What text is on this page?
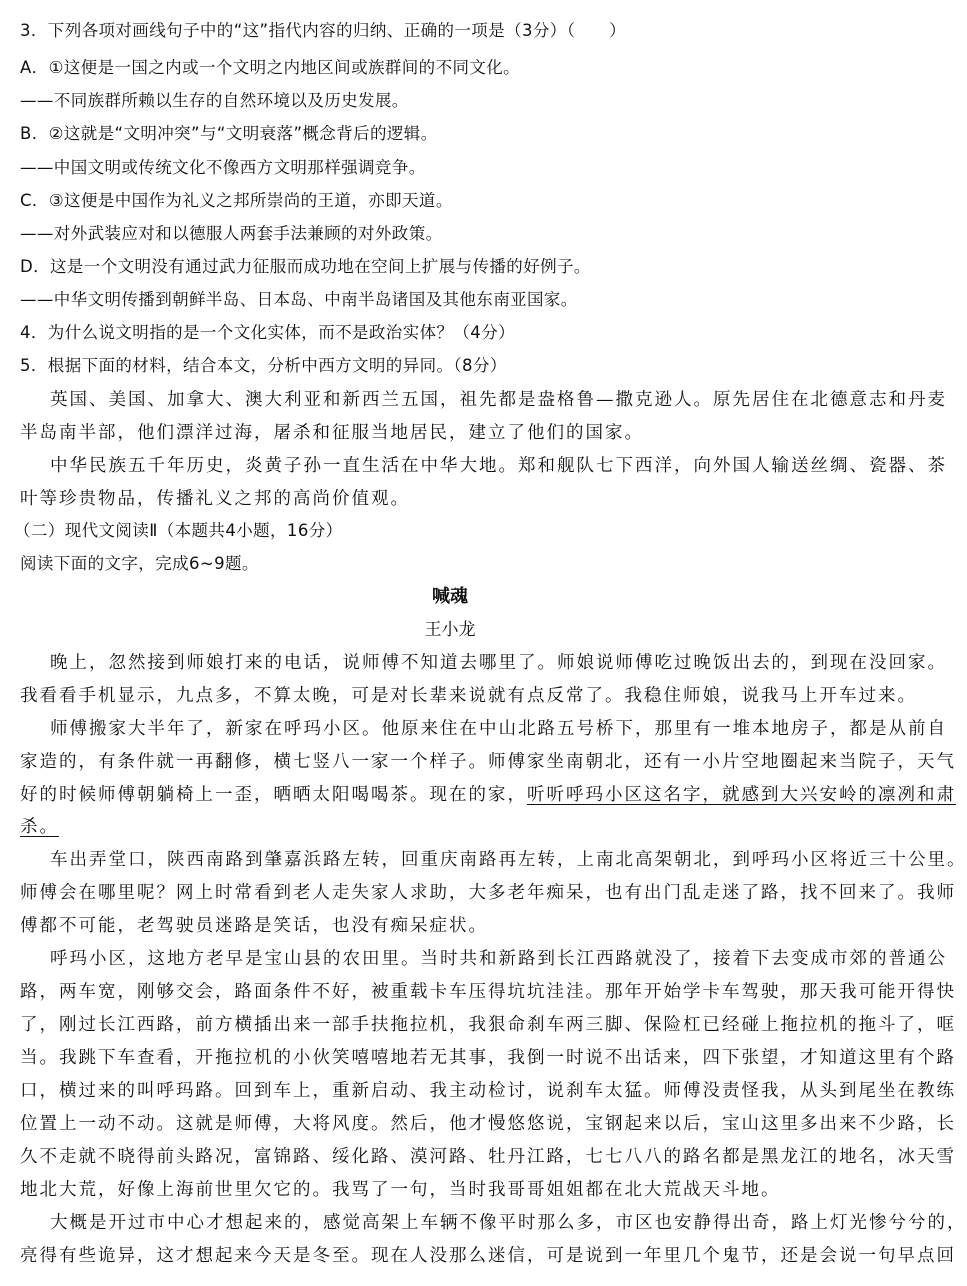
3．下列各项对画线句子中的“这”指代内容的归纳、正确的一项是（3分）（　　）
A．①这便是一国之内或一个文明之内地区间或族群间的不同文化。
——不同族群所赖以生存的自然环境以及历史发展。
B．②这就是“文明冲突”与“文明衰落”概念背后的逻辑。
——中国文明或传统文化不像西方文明那样强调竞争。
C．③这便是中国作为礼义之邦所崇尚的王道，亦即天道。
——对外武装应对和以德服人两套手法兼顾的对外政策。
D．这是一个文明没有通过武力征服而成功地在空间上扩展与传播的好例子。
——中华文明传播到朝鲜半岛、日本岛、中南半岛诸国及其他东南亚国家。
4．为什么说文明指的是一个文化实体，而不是政治实体？（4分）
5．根据下面的材料，结合本文，分析中西方文明的异同。（8分）
英国、美国、加拿大、澳大利亚和新西兰五国，祖先都是盎格鲁—撒克逊人。原先居住在北德意志和丹麦
半岛南半部，他们漂洋过海，屠杀和征服当地居民，建立了他们的国家。
中华民族五千年历史，炎黄子孙一直生活在中华大地。郑和舰队七下西洋，向外国人输送丝绸、瓷器、茶
叶等珍贵物品，传播礼义之邦的高尚价值观。
（二）现代文阅读Ⅱ（本题共4小题，16分）
阅读下面的文字，完成6~9题。
喊魂
王小龙
晚上，忽然接到师娘打来的电话，说师傅不知道去哪里了。师娘说师傅吃过晚饭出去的，到现在没回家。
我看看手机显示，九点多，不算太晚，可是对长辈来说就有点反常了。我稳住师娘，说我马上开车过来。
师傅搬家大半年了，新家在呼玛小区。他原来住在中山北路五号桥下，那里有一堆本地房子，都是从前自
家造的，有条件就一再翻修，横七竖八一家一个样子。师傅家坐南朝北，还有一小片空地圈起来当院子，天气
好的时候师傅朝躺椅上一歪，晒晒太阳喝喝茶。现在的家，听听呼玛小区这名字，就感到大兴安岭的凛冽和肃
杀。
车出弄堂口，陕西南路到肇嘉浜路左转，回重庆南路再左转，上南北高架朝北，到呼玛小区将近三十公里。
师傅会在哪里呢？网上时常看到老人走失家人求助，大多老年痴呆，也有出门乱走迷了路，找不回来了。我师
傅都不可能，老驾驶员迷路是笑话，也没有痴呆症状。
呼玛小区，这地方老早是宝山县的农田里。当时共和新路到长江西路就没了，接着下去变成市郊的普通公
路，两车宽，刚够交会，路面条件不好，被重载卡车压得坑坑洼洼。那年开始学卡车驾驶，那天我可能开得快
了，刚过长江西路，前方横插出来一部手扶拖拉机，我狠命刹车两三脚、保险杠已经碰上拖拉机的拖斗了，哐
当。我跳下车查看，开拖拉机的小伙笑嘻嘻地若无其事，我倒一时说不出话来，四下张望，才知道这里有个路
口，横过来的叫呼玛路。回到车上，重新启动、我主动检讨，说刹车太猛。师傅没责怪我，从头到尾坐在教练
位置上一动不动。这就是师傅，大将风度。然后，他才慢悠悠说，宝钢起来以后，宝山这里多出来不少路，长
久不走就不晓得前头路况，富锦路、绥化路、漠河路、牡丹江路，七七八八的路名都是黑龙江的地名，冰天雪
地北大荒，好像上海前世里欠它的。我骂了一句，当时我哥哥姐姐都在北大荒战天斗地。
大概是开过市中心才想起来的，感觉高架上车辆不像平时那么多，市区也安静得出奇，路上灯光惨兮兮的，
亮得有些诡异，这才想起来今天是冬至。现在人没那么迷信，可是说到一年里几个鬼节，还是会说一句早点回
